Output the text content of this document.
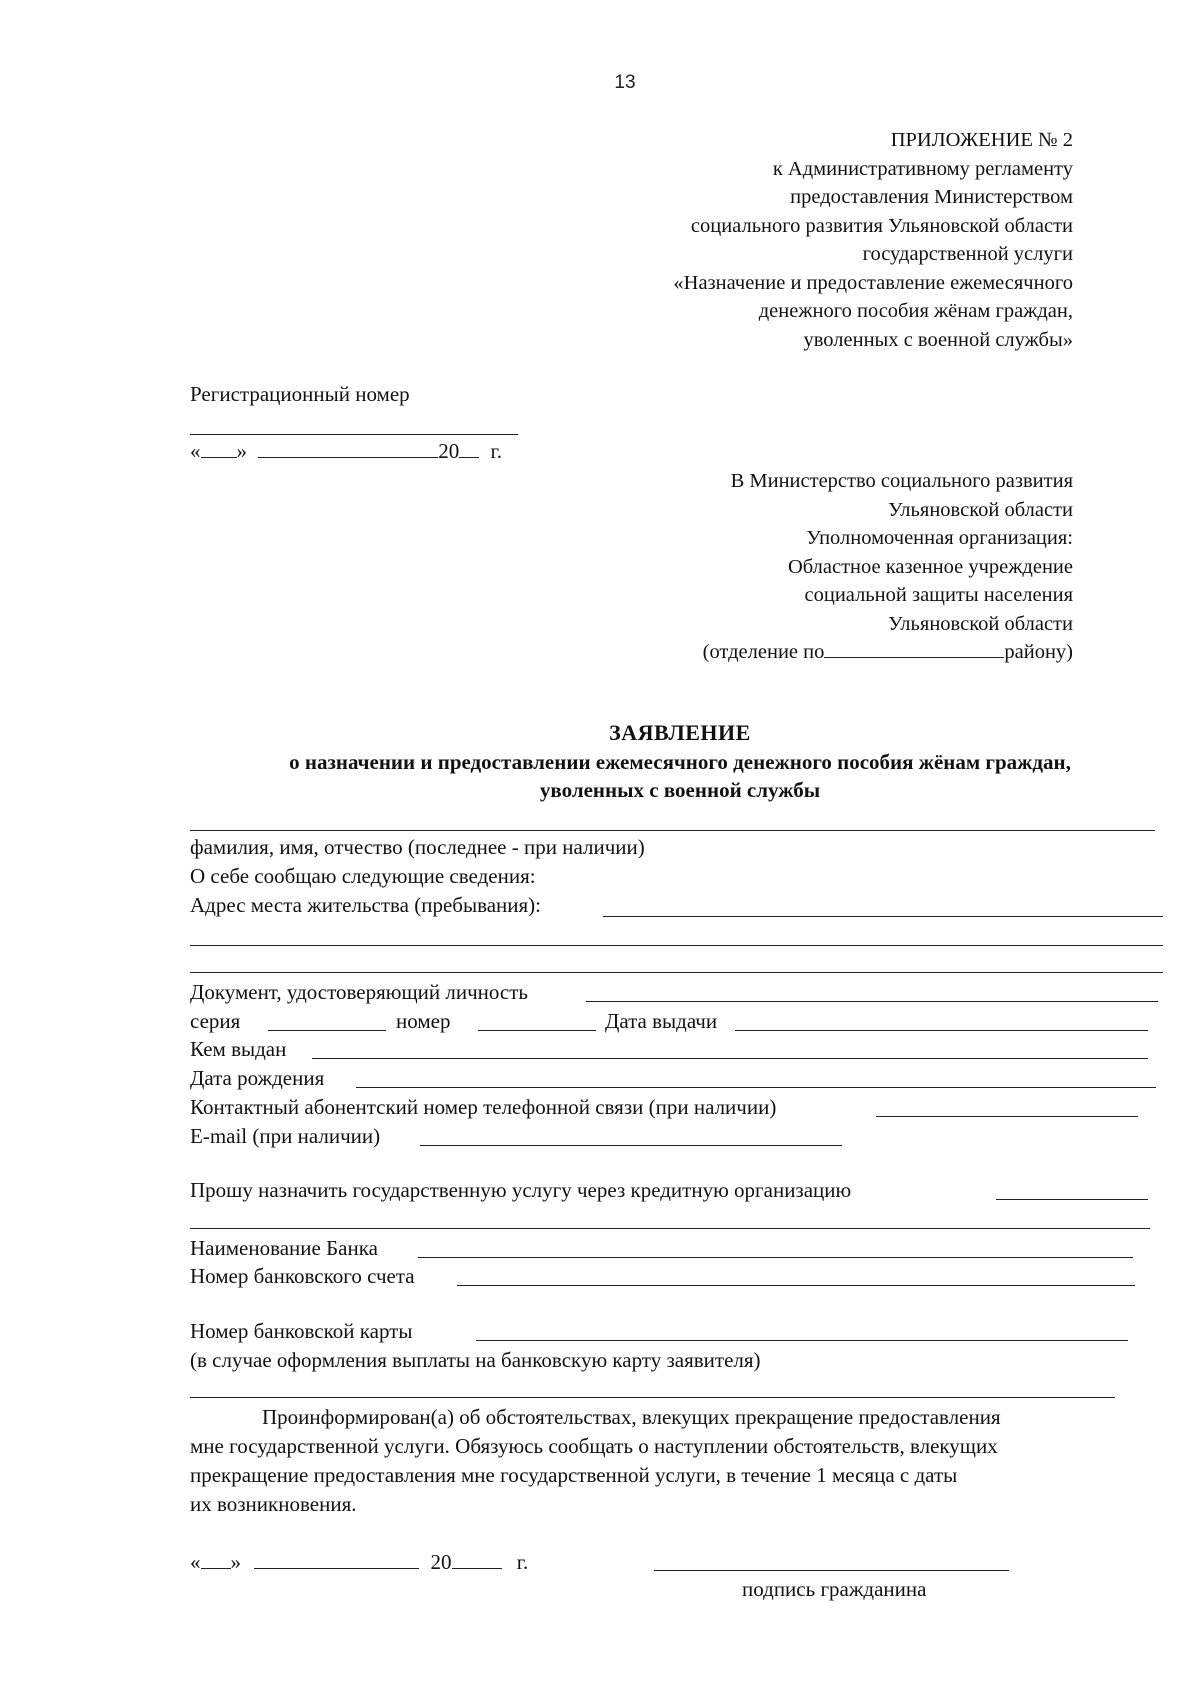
13
ПРИЛОЖЕНИЕ № 2
к Административному регламенту
предоставления Министерством
социального развития Ульяновской области
государственной услуги
«Назначение и предоставление ежемесячного
денежного пособия жёнам граждан,
уволенных с военной службы»
Регистрационный номер
« »	20 г.
В Министерство социального развития
Ульяновской области
Уполномоченная организация:
Областное казенное учреждение
социальной защиты населения
Ульяновской области
(отделение по	району)
ЗАЯВЛЕНИЕ
о назначении и предоставлении ежемесячного денежного пособия жёнам граждан,
уволенных с военной службы
фамилия, имя, отчество (последнее - при наличии)
О себе сообщаю следующие сведения:
Адрес места жительства (пребывания):
Документ, удостоверяющий личность
серия	номер	Дата выдачи
Кем выдан
Дата рождения
Контактный абонентский номер телефонной связи (при наличии)
E-mail (при наличии)
Прошу назначить государственную услугу через кредитную организацию
Наименование Банка
Номер банковского счета
Номер банковской карты
(в случае оформления выплаты на банковскую карту заявителя)
Проинформирован(а) об обстоятельствах, влекущих прекращение предоставления
мне государственной услуги. Обязуюсь сообщать о наступлении обстоятельств, влекущих
прекращение предоставления мне государственной услуги, в течение 1 месяца с даты
их возникновения.
« »	20	г.
подпись гражданина
